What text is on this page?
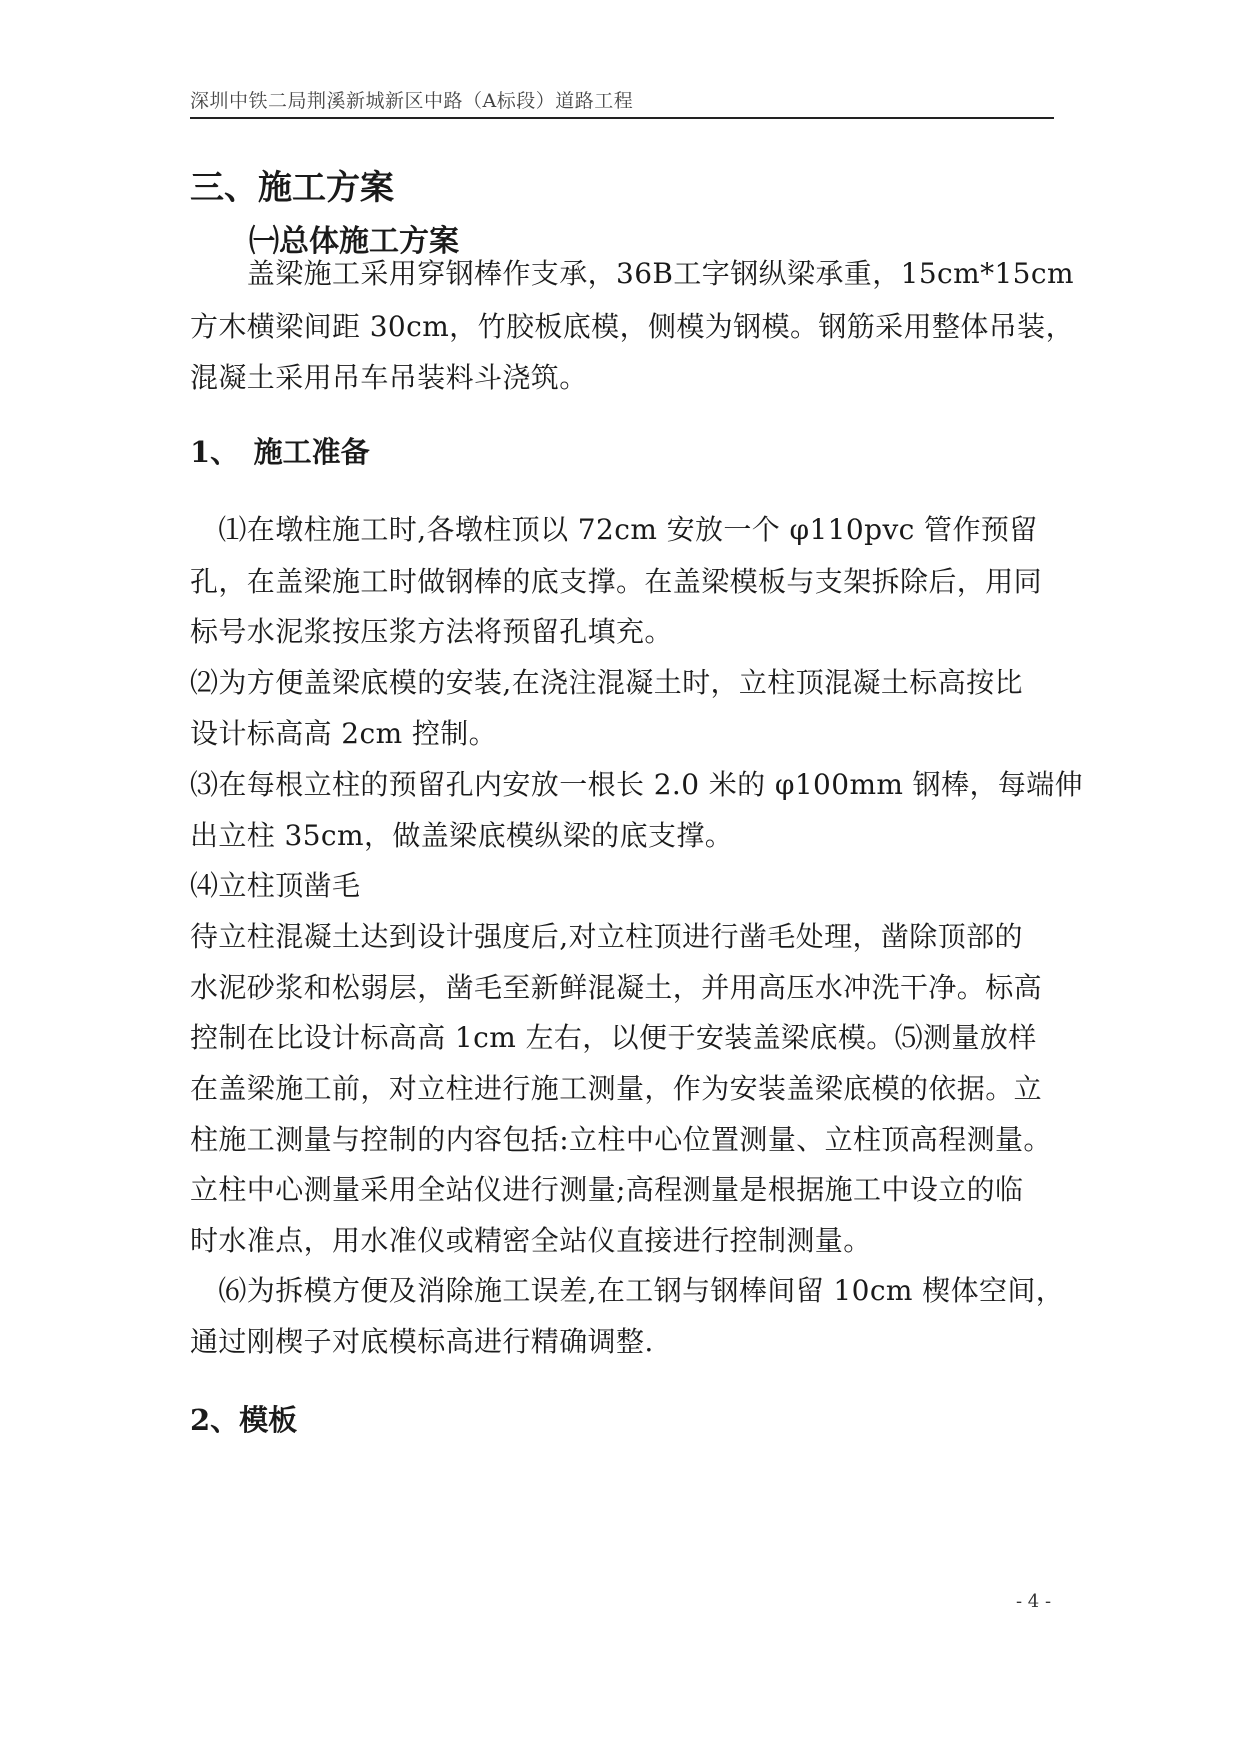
深圳中铁二局荆溪新城新区中路（A标段）道路工程
三、施工方案
㈠总体施工方案
　　盖梁施工采用穿钢棒作支承，36B工字钢纵梁承重，15cm*15cm
方木横梁间距 30cm，竹胶板底模，侧模为钢模。钢筋采用整体吊装，
混凝土采用吊车吊装料斗浇筑。
1、　施工准备
　⑴在墩柱施工时,各墩柱顶以 72cm 安放一个 φ110pvc 管作预留
孔，在盖梁施工时做钢棒的底支撑。在盖梁模板与支架拆除后，用同
标号水泥浆按压浆方法将预留孔填充。
⑵为方便盖梁底模的安装,在浇注混凝土时，立柱顶混凝土标高按比
设计标高高 2cm 控制。
⑶在每根立柱的预留孔内安放一根长 2.0 米的 φ100mm 钢棒，每端伸
出立柱 35cm，做盖梁底模纵梁的底支撑。
⑷立柱顶凿毛
待立柱混凝土达到设计强度后,对立柱顶进行凿毛处理，凿除顶部的
水泥砂浆和松弱层，凿毛至新鲜混凝土，并用高压水冲洗干净。标高
控制在比设计标高高 1cm 左右，以便于安装盖梁底模。⑸测量放样
在盖梁施工前，对立柱进行施工测量，作为安装盖梁底模的依据。立
柱施工测量与控制的内容包括:立柱中心位置测量、立柱顶高程测量。
立柱中心测量采用全站仪进行测量;高程测量是根据施工中设立的临
时水准点，用水准仪或精密全站仪直接进行控制测量。
　⑹为拆模方便及消除施工误差,在工钢与钢棒间留 10cm 楔体空间，
通过刚楔子对底模标高进行精确调整.
2、模板
- 4 -
